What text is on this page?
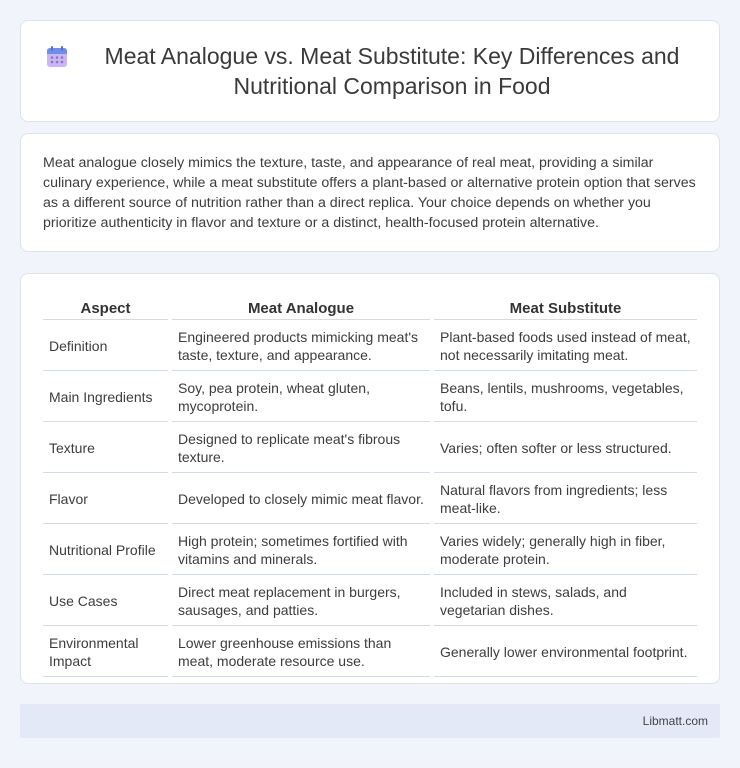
Meat Analogue vs. Meat Substitute: Key Differences and Nutritional Comparison in Food

Meat analogue closely mimics the texture, taste, and appearance of real meat, providing a similar culinary experience, while a meat substitute offers a plant-based or alternative protein option that serves as a different source of nutrition rather than a direct replica. Your choice depends on whether you prioritize authenticity in flavor and texture or a distinct, health-focused protein alternative.

Aspect	Meat Analogue	Meat Substitute
Definition	Engineered products mimicking meat's taste, texture, and appearance.	Plant-based foods used instead of meat, not necessarily imitating meat.
Main Ingredients	Soy, pea protein, wheat gluten, mycoprotein.	Beans, lentils, mushrooms, vegetables, tofu.
Texture	Designed to replicate meat's fibrous texture.	Varies; often softer or less structured.
Flavor	Developed to closely mimic meat flavor.	Natural flavors from ingredients; less meat-like.
Nutritional Profile	High protein; sometimes fortified with vitamins and minerals.	Varies widely; generally high in fiber, moderate protein.
Use Cases	Direct meat replacement in burgers, sausages, and patties.	Included in stews, salads, and vegetarian dishes.
Environmental Impact	Lower greenhouse emissions than meat, moderate resource use.	Generally lower environmental footprint.
Libmatt.com
